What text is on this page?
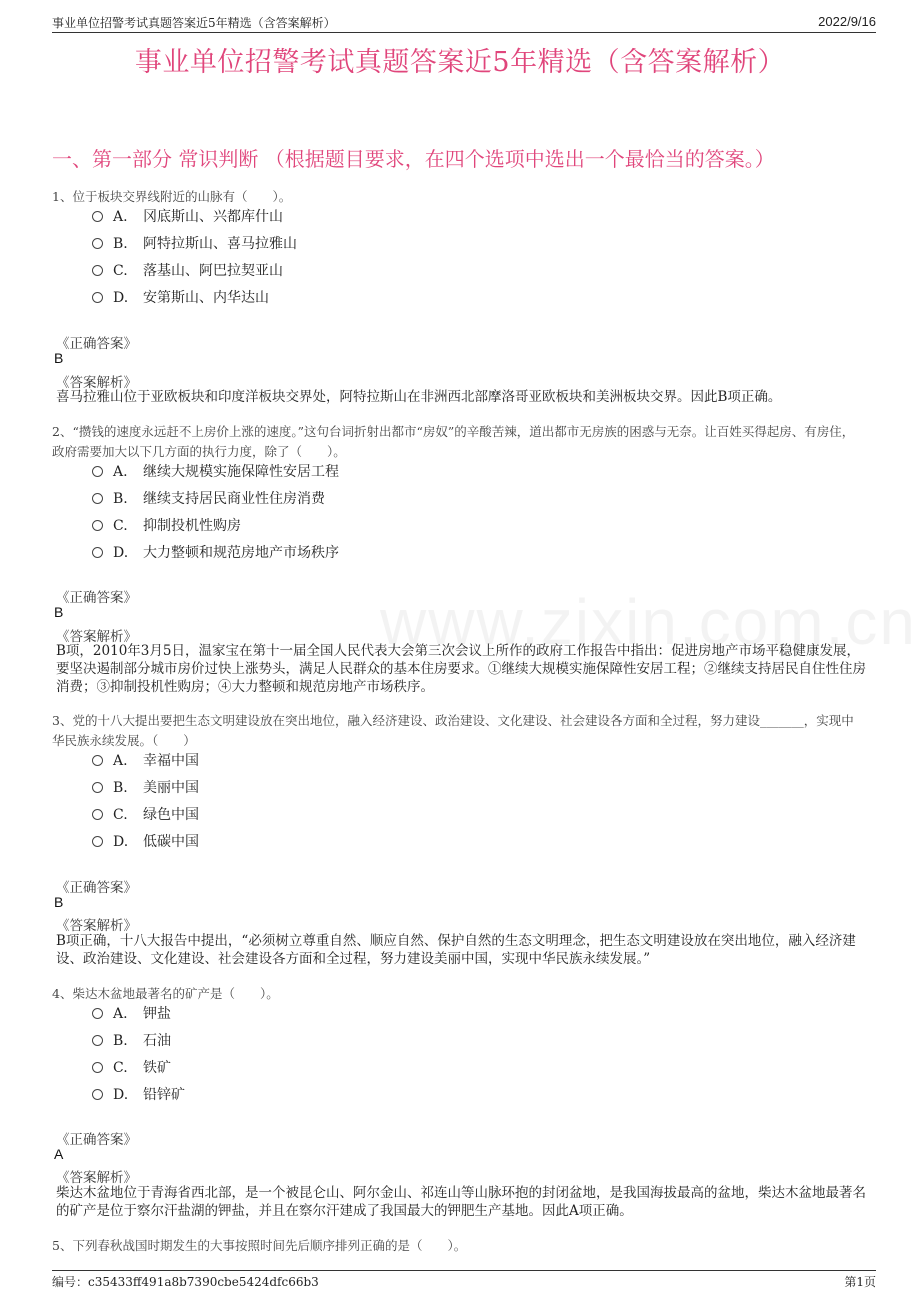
事业单位招警考试真题答案近5年精选（含答案解析）	2022/9/16
事业单位招警考试真题答案近5年精选（含答案解析）
一、第一部分 常识判断 （根据题目要求，在四个选项中选出一个最恰当的答案。）
1、位于板块交界线附近的山脉有（　　）。
A. 冈底斯山、兴都库什山
B. 阿特拉斯山、喜马拉雅山
C. 落基山、阿巴拉契亚山
D. 安第斯山、内华达山
《正确答案》
B
《答案解析》
喜马拉雅山位于亚欧板块和印度洋板块交界处，阿特拉斯山在非洲西北部摩洛哥亚欧板块和美洲板块交界。因此B项正确。
2、“攒钱的速度永远赶不上房价上涨的速度。”这句台词折射出都市“房奴”的辛酸苦辣，道出都市无房族的困惑与无奈。让百姓买得起房、有房住，政府需要加大以下几方面的执行力度，除了（　　）。
A. 继续大规模实施保障性安居工程
B. 继续支持居民商业性住房消费
C. 抑制投机性购房
D. 大力整顿和规范房地产市场秩序
《正确答案》
B
《答案解析》
B项，2010年3月5日，温家宝在第十一届全国人民代表大会第三次会议上所作的政府工作报告中指出：促进房地产市场平稳健康发展，要坚决遏制部分城市房价过快上涨势头，满足人民群众的基本住房要求。①继续大规模实施保障性安居工程；②继续支持居民自住性住房消费；③抑制投机性购房；④大力整顿和规范房地产市场秩序。
3、党的十八大提出要把生态文明建设放在突出地位，融入经济建设、政治建设、文化建设、社会建设各方面和全过程，努力建设_______，实现中华民族永续发展。（　　）
A. 幸福中国
B. 美丽中国
C. 绿色中国
D. 低碳中国
《正确答案》
B
《答案解析》
B项正确，十八大报告中提出，“必须树立尊重自然、顺应自然、保护自然的生态文明理念，把生态文明建设放在突出地位，融入经济建设、政治建设、文化建设、社会建设各方面和全过程，努力建设美丽中国，实现中华民族永续发展。”
4、柴达木盆地最著名的矿产是（　　）。
A. 钾盐
B. 石油
C. 铁矿
D. 铅锌矿
《正确答案》
A
《答案解析》
柴达木盆地位于青海省西北部，是一个被昆仑山、阿尔金山、祁连山等山脉环抱的封闭盆地，是我国海拔最高的盆地，柴达木盆地最著名的矿产是位于察尔汗盐湖的钾盐，并且在察尔汗建成了我国最大的钾肥生产基地。因此A项正确。
5、下列春秋战国时期发生的大事按照时间先后顺序排列正确的是（　　）。
编号：c35433ff491a8b7390cbe5424dfc66b3	第1页
